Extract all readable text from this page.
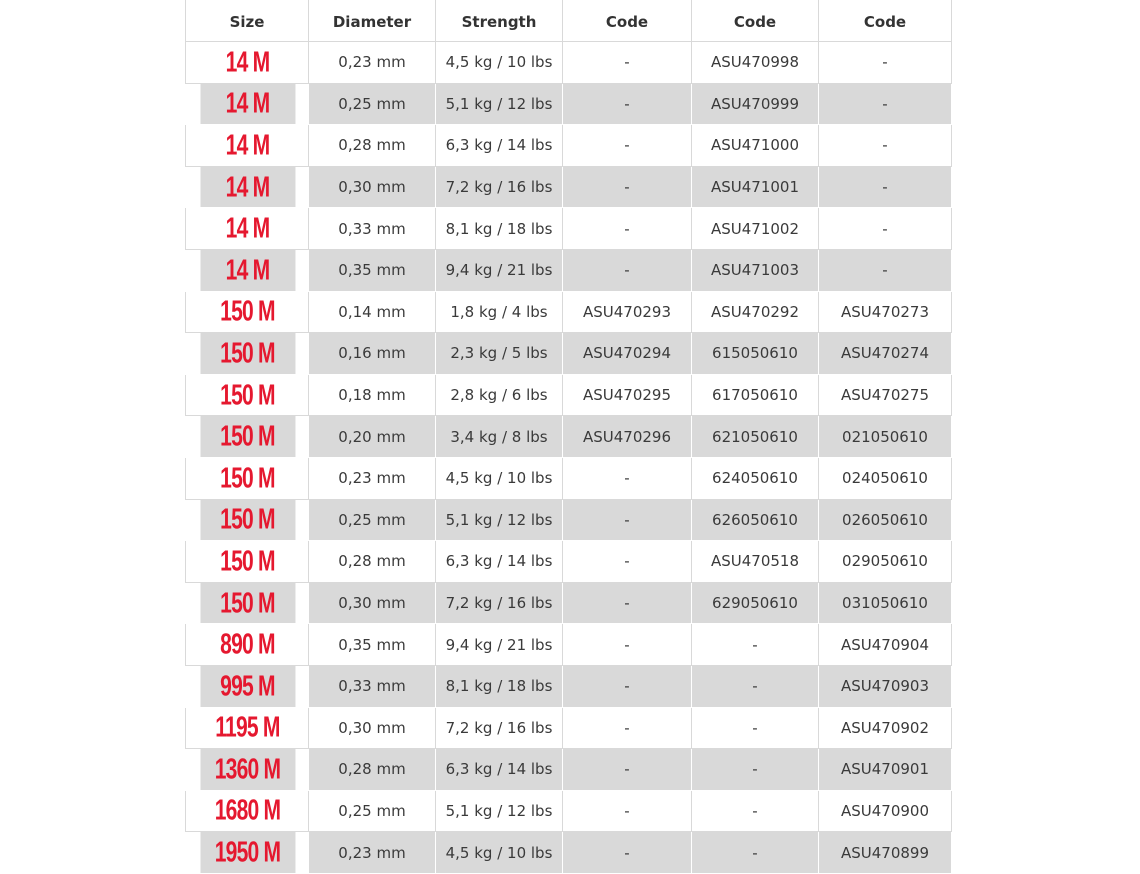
Size	Diameter	Strength	Code	Code	Code
14 M	0,23 mm	4,5 kg / 10 lbs	-	ASU470998	-
14 M	0,25 mm	5,1 kg / 12 lbs	-	ASU470999	-
14 M	0,28 mm	6,3 kg / 14 lbs	-	ASU471000	-
14 M	0,30 mm	7,2 kg / 16 lbs	-	ASU471001	-
14 M	0,33 mm	8,1 kg / 18 lbs	-	ASU471002	-
14 M	0,35 mm	9,4 kg / 21 lbs	-	ASU471003	-
150 M	0,14 mm	1,8 kg / 4 lbs	ASU470293	ASU470292	ASU470273
150 M	0,16 mm	2,3 kg / 5 lbs	ASU470294	615050610	ASU470274
150 M	0,18 mm	2,8 kg / 6 lbs	ASU470295	617050610	ASU470275
150 M	0,20 mm	3,4 kg / 8 lbs	ASU470296	621050610	021050610
150 M	0,23 mm	4,5 kg / 10 lbs	-	624050610	024050610
150 M	0,25 mm	5,1 kg / 12 lbs	-	626050610	026050610
150 M	0,28 mm	6,3 kg / 14 lbs	-	ASU470518	029050610
150 M	0,30 mm	7,2 kg / 16 lbs	-	629050610	031050610
890 M	0,35 mm	9,4 kg / 21 lbs	-	-	ASU470904
995 M	0,33 mm	8,1 kg / 18 lbs	-	-	ASU470903
1195 M	0,30 mm	7,2 kg / 16 lbs	-	-	ASU470902
1360 M	0,28 mm	6,3 kg / 14 lbs	-	-	ASU470901
1680 M	0,25 mm	5,1 kg / 12 lbs	-	-	ASU470900
1950 M	0,23 mm	4,5 kg / 10 lbs	-	-	ASU470899
